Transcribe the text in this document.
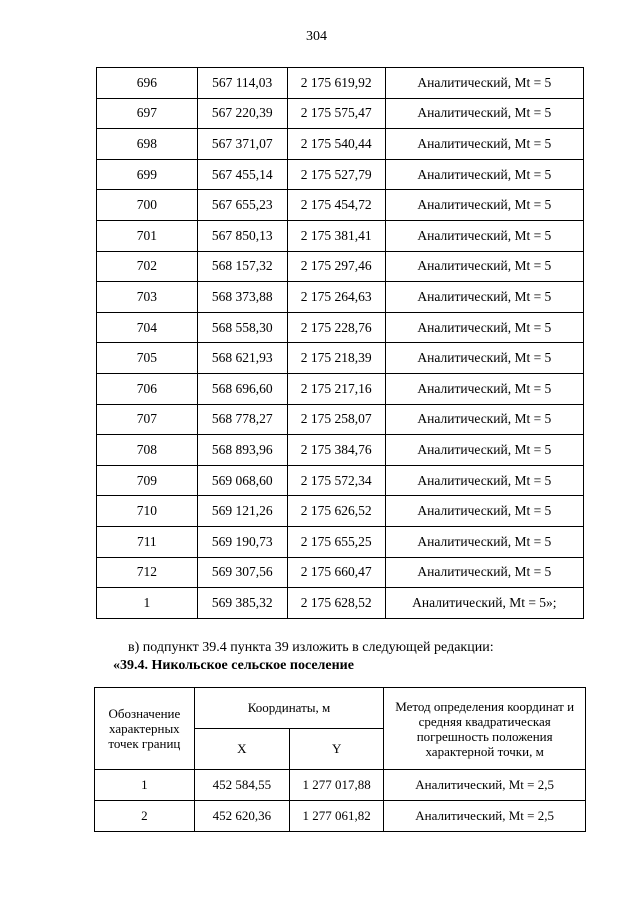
304
696	567 114,03	2 175 619,92	Аналитический, Mt = 5
697	567 220,39	2 175 575,47	Аналитический, Mt = 5
698	567 371,07	2 175 540,44	Аналитический, Mt = 5
699	567 455,14	2 175 527,79	Аналитический, Mt = 5
700	567 655,23	2 175 454,72	Аналитический, Mt = 5
701	567 850,13	2 175 381,41	Аналитический, Mt = 5
702	568 157,32	2 175 297,46	Аналитический, Mt = 5
703	568 373,88	2 175 264,63	Аналитический, Mt = 5
704	568 558,30	2 175 228,76	Аналитический, Mt = 5
705	568 621,93	2 175 218,39	Аналитический, Mt = 5
706	568 696,60	2 175 217,16	Аналитический, Mt = 5
707	568 778,27	2 175 258,07	Аналитический, Mt = 5
708	568 893,96	2 175 384,76	Аналитический, Mt = 5
709	569 068,60	2 175 572,34	Аналитический, Mt = 5
710	569 121,26	2 175 626,52	Аналитический, Mt = 5
711	569 190,73	2 175 655,25	Аналитический, Mt = 5
712	569 307,56	2 175 660,47	Аналитический, Mt = 5
1	569 385,32	2 175 628,52	Аналитический, Mt = 5»;
в) подпункт 39.4 пункта 39 изложить в следующей редакции:
«39.4. Никольское сельское поселение
Обозначение характерных точек границ	Координаты, м		Метод определения координат и средняя квадратическая погрешность положения характерной точки, м
	X	Y	
1	452 584,55	1 277 017,88	Аналитический, Mt = 2,5
2	452 620,36	1 277 061,82	Аналитический, Mt = 2,5
